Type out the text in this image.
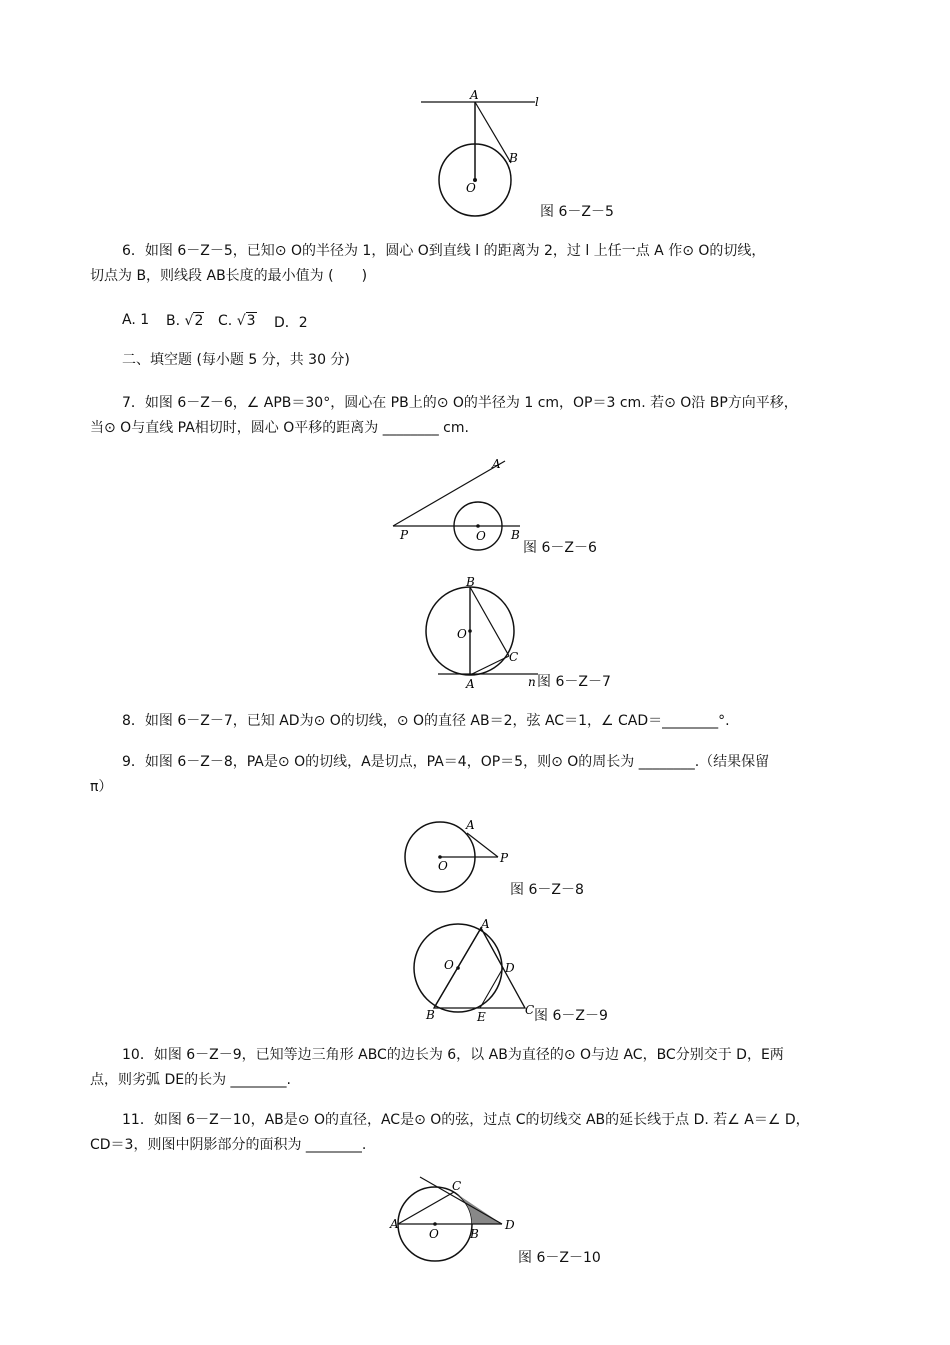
A	l
B
O
图 6－Z－5
6．如图 6－Z－5，已知⊙ O的半径为 1，圆心 O到直线 l 的距离为 2，过 l 上任一点 A 作⊙ O的切线，
切点为 B，则线段 AB长度的最小值为 (　　)
A. 1 B. √2 C. √3 D．2
二、填空题 (每小题 5 分，共 30 分)
7．如图 6－Z－6，∠ APB＝30°，圆心在 PB上的⊙ O的半径为 1 cm，OP＝3 cm. 若⊙ O沿 BP方向平移，
当⊙ O与直线 PA相切时，圆心 O平移的距离为 ________ cm.
A
P	O B
图 6－Z－6
B
O
C
A	n 图 6－Z－7
8．如图 6－Z－7，已知 AD为⊙ O的切线，⊙ O的直径 AB＝2，弦 AC＝1，∠ CAD＝________°.
9．如图 6－Z－8，PA是⊙ O的切线，A是切点，PA＝4，OP＝5，则⊙ O的周长为 ________.（结果保留
π）
A
P
O
图 6－Z－8
A
O	D
B	E	C 图 6－Z－9
10．如图 6－Z－9，已知等边三角形 ABC的边长为 6，以 AB为直径的⊙ O与边 AC，BC分别交于 D，E两
点，则劣弧 DE的长为 ________.
11．如图 6－Z－10，AB是⊙ O的直径，AC是⊙ O的弦，过点 C的切线交 AB的延长线于点 D. 若∠ A＝∠ D，
CD＝3，则图中阴影部分的面积为 ________.
C
A
O	B
D
图 6－Z－10
